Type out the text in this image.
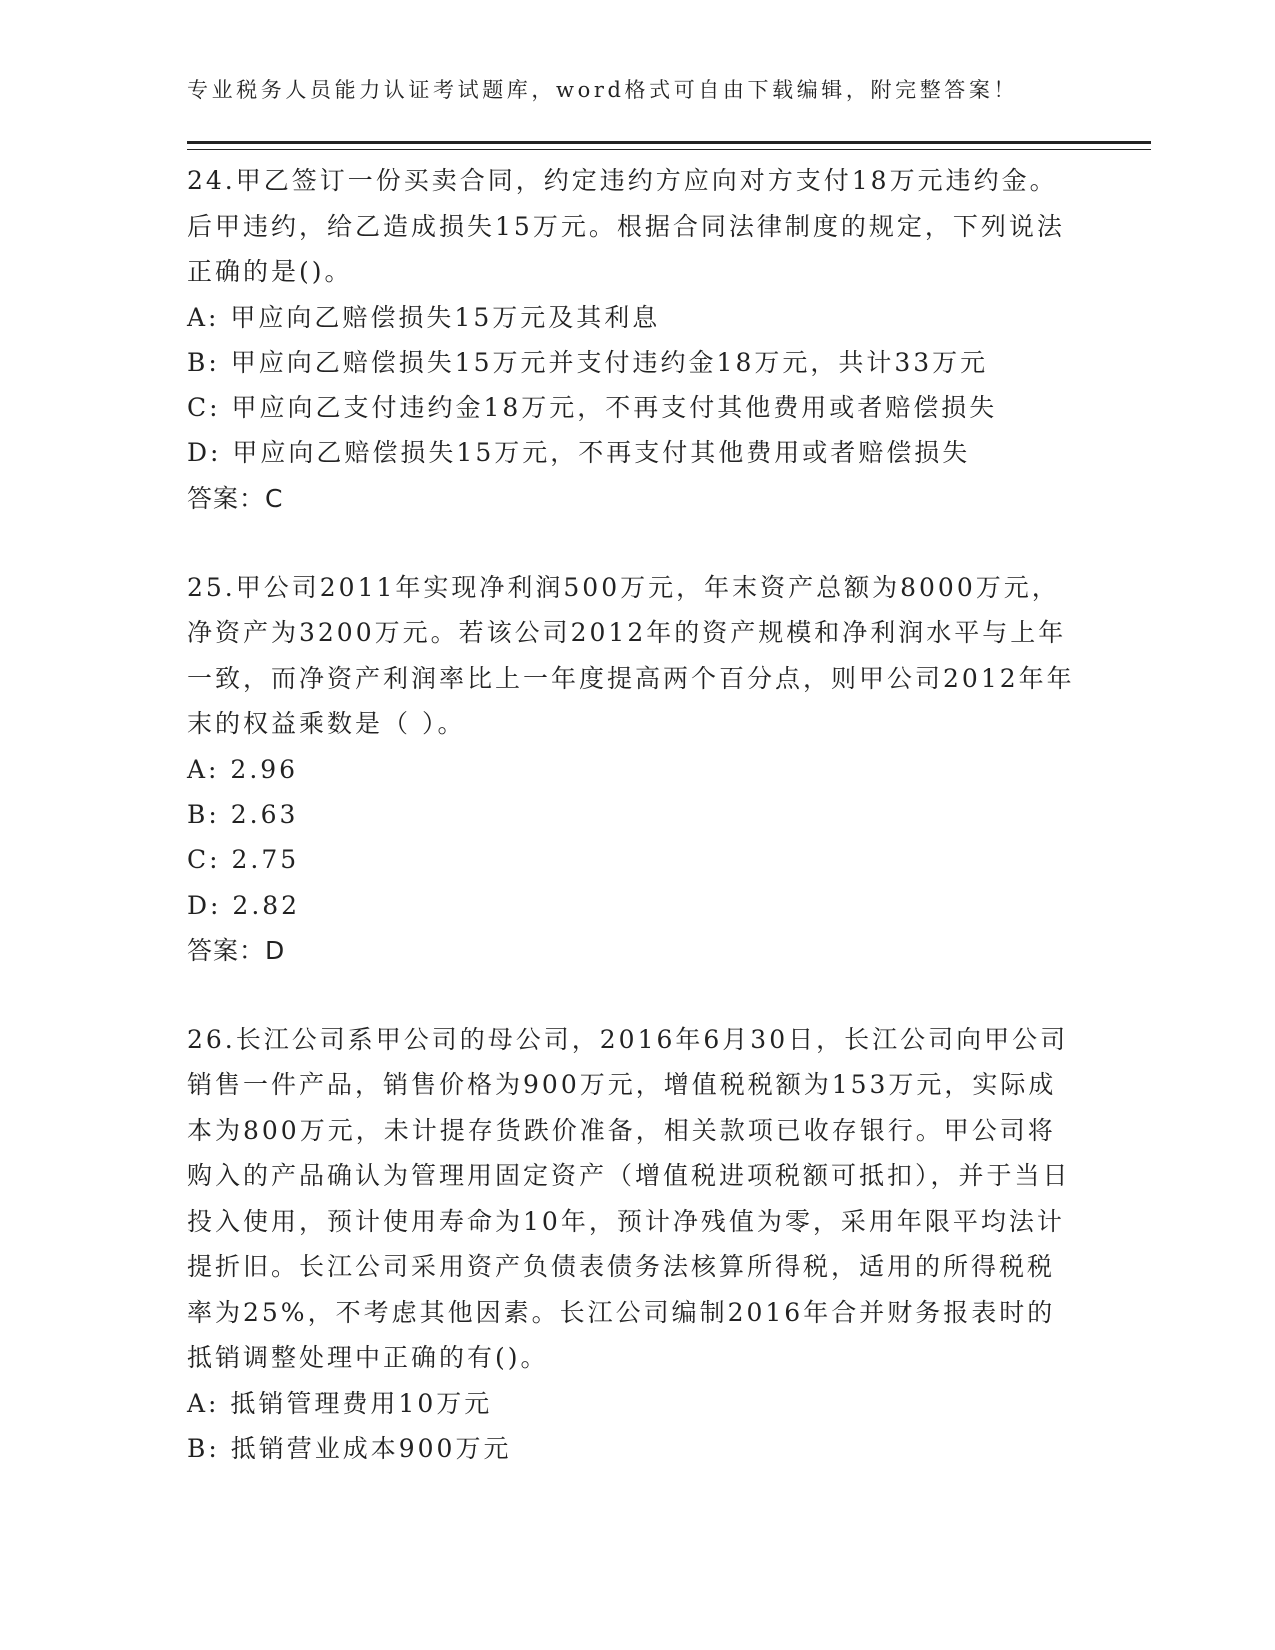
专业税务人员能力认证考试题库，word格式可自由下载编辑，附完整答案！
24.甲乙签订一份买卖合同，约定违约方应向对方支付18万元违约金。后甲违约，给乙造成损失15万元。根据合同法律制度的规定，下列说法正确的是()。
A: 甲应向乙赔偿损失15万元及其利息
B: 甲应向乙赔偿损失15万元并支付违约金18万元，共计33万元
C: 甲应向乙支付违约金18万元，不再支付其他费用或者赔偿损失
D: 甲应向乙赔偿损失15万元，不再支付其他费用或者赔偿损失
答案：C
25.甲公司2011年实现净利润500万元，年末资产总额为8000万元，净资产为3200万元。若该公司2012年的资产规模和净利润水平与上年一致，而净资产利润率比上一年度提高两个百分点，则甲公司2012年年末的权益乘数是（ ）。
A: 2.96
B: 2.63
C: 2.75
D: 2.82
答案：D
26.长江公司系甲公司的母公司，2016年6月30日，长江公司向甲公司销售一件产品，销售价格为900万元，增值税税额为153万元，实际成本为800万元，未计提存货跌价准备，相关款项已收存银行。甲公司将购入的产品确认为管理用固定资产（增值税进项税额可抵扣），并于当日投入使用，预计使用寿命为10年，预计净残值为零，采用年限平均法计提折旧。长江公司采用资产负债表债务法核算所得税，适用的所得税税率为25%，不考虑其他因素。长江公司编制2016年合并财务报表时的抵销调整处理中正确的有()。
A: 抵销管理费用10万元
B: 抵销营业成本900万元
